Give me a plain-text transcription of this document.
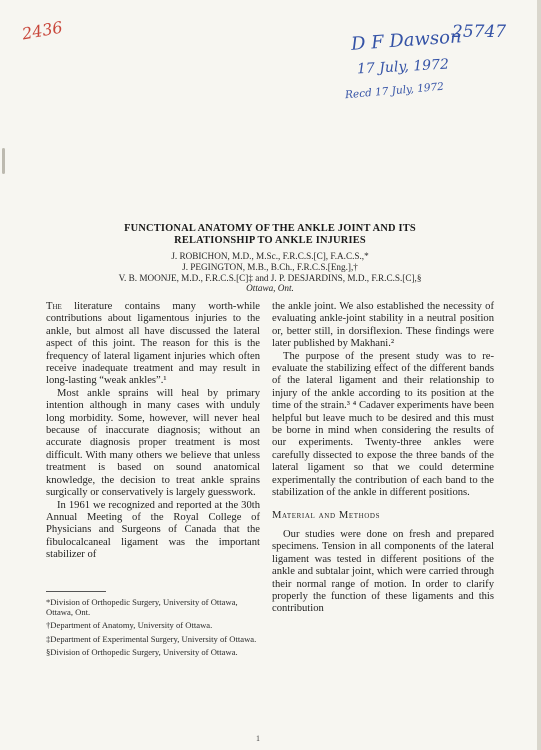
2436	25747
D F Dawson
17 July, 1972
Recd 17 July, 1972
FUNCTIONAL ANATOMY OF THE ANKLE JOINT AND ITS
RELATIONSHIP TO ANKLE INJURIES
J. ROBICHON, M.D., M.Sc., F.R.C.S.[C], F.A.C.S.,*
J. PEGINGTON, M.B., B.Ch., F.R.C.S.[Eng.],†
V. B. MOONJE, M.D., F.R.C.S.[C]‡ and J. P. DESJARDINS, M.D., F.R.C.S.[C],§
Ottawa, Ont.

The literature contains many worth-while contributions about ligamentous injuries to the ankle, but almost all have discussed the lateral aspect of this joint. The reason for this is the frequency of lateral ligament injuries which often receive inadequate treatment and may result in long-lasting “weak ankles”.¹

Most ankle sprains will heal by primary intention although in many cases with unduly long morbidity. Some, however, will never heal because of inaccurate diagnosis; without an accurate diagnosis proper treatment is most difficult. With many others we believe that unless treatment is based on sound anatomical knowledge, the decision to treat ankle sprains surgically or conservatively is largely guesswork.

In 1961 we recognized and reported at the 30th Annual Meeting of the Royal College of Physicians and Surgeons of Canada that the fibulocalcaneal ligament was the important stabilizer of

*Division of Orthopedic Surgery, University of Ottawa, Ottawa, Ont.

†Department of Anatomy, University of Ottawa.

‡Department of Experimental Surgery, University of Ottawa.

§Division of Orthopedic Surgery, University of Ottawa.

the ankle joint. We also established the necessity of evaluating ankle-joint stability in a neutral position or, better still, in dorsiflexion. These findings were later published by Makhani.²

The purpose of the present study was to re-evaluate the stabilizing effect of the different bands of the lateral ligament and their relationship to injury of the ankle according to its position at the time of the strain.³ ⁴ Cadaver experiments have been helpful but leave much to be desired and this must be borne in mind when considering the results of our experiments. Twenty-three ankles were carefully dissected to expose the three bands of the lateral ligament so that we could determine experimentally the contribution of each band to the stabilization of the ankle in different positions.

Material and Methods

Our studies were done on fresh and prepared specimens. Tension in all components of the lateral ligament was tested in different positions of the ankle and subtalar joint, which were carried through their normal range of motion. In order to clarify properly the function of these ligaments and this contribution

1
